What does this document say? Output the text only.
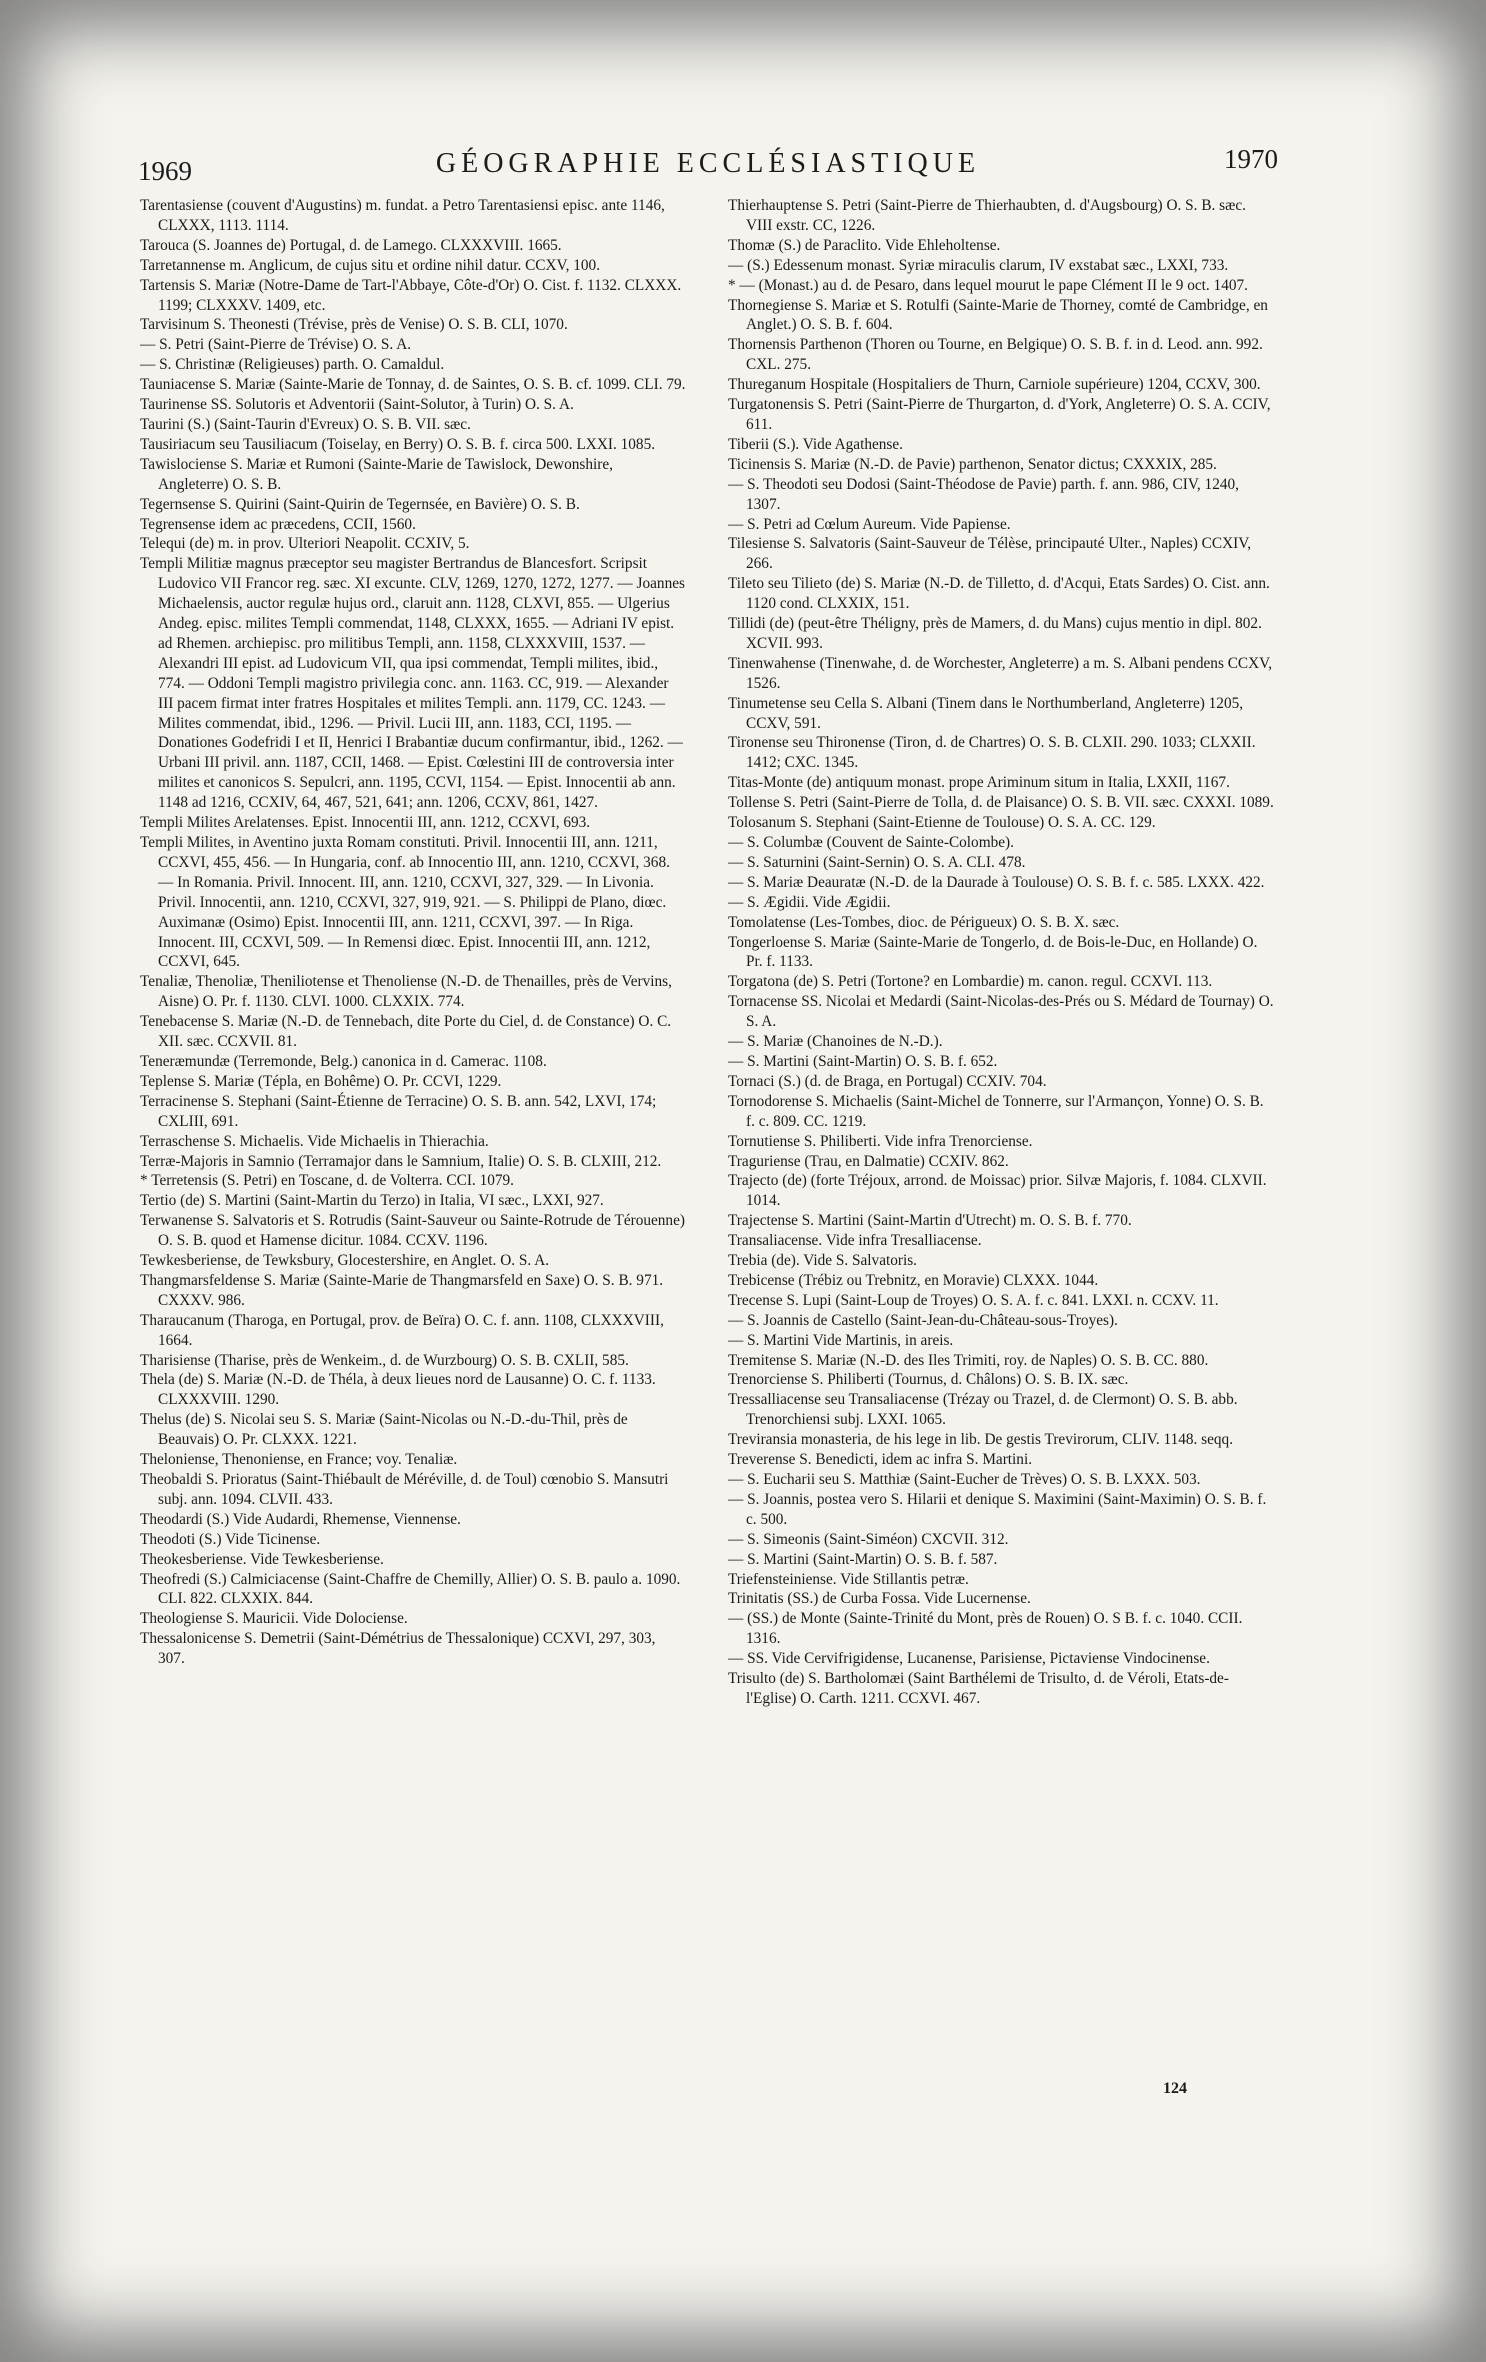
1969	GÉOGRAPHIE ECCLÉSIASTIQUE	1970

Tarentasiense (couvent d'Augustins) m. fundat. a Petro Tarentasiensi episc. ante 1146, CLXXX, 1113. 1114.

Tarouca (S. Joannes de) Portugal, d. de Lamego. CLXXXVIII. 1665.

Tarretannense m. Anglicum, de cujus situ et ordine nihil datur. CCXV, 100.

Tartensis S. Mariæ (Notre-Dame de Tart-l'Abbaye, Côte-d'Or) O. Cist. f. 1132. CLXXX. 1199; CLXXXV. 1409, etc.

Tarvisinum S. Theonesti (Trévise, près de Venise) O. S. B. CLI, 1070.

— S. Petri (Saint-Pierre de Trévise) O. S. A.

— S. Christinæ (Religieuses) parth. O. Camaldul.

Tauniacense S. Mariæ (Sainte-Marie de Tonnay, d. de Saintes, O. S. B. cf. 1099. CLI. 79.

Taurinense SS. Solutoris et Adventorii (Saint-Solutor, à Turin) O. S. A.

Taurini (S.) (Saint-Taurin d'Evreux) O. S. B. VII. sæc.

Tausiriacum seu Tausiliacum (Toiselay, en Berry) O. S. B. f. circa 500. LXXI. 1085.

Tawislociense S. Mariæ et Rumoni (Sainte-Marie de Tawislock, Dewonshire, Angleterre) O. S. B.

Tegernsense S. Quirini (Saint-Quirin de Tegernsée, en Bavière) O. S. B.

Tegrensense idem ac præcedens, CCII, 1560.

Telequi (de) m. in prov. Ulteriori Neapolit. CCXIV, 5.

Templi Militiæ magnus præceptor seu magister Bertrandus de Blancesfort. Scripsit Ludovico VII Francor reg. sæc. XI excunte. CLV, 1269, 1270, 1272, 1277. — Joannes Michaelensis, auctor regulæ hujus ord., claruit ann. 1128, CLXVI, 855. — Ulgerius Andeg. episc. milites Templi commendat, 1148, CLXXX, 1655. — Adriani IV epist. ad Rhemen. archiepisc. pro militibus Templi, ann. 1158, CLXXXVIII, 1537. — Alexandri III epist. ad Ludovicum VII, qua ipsi commendat, Templi milites, ibid., 774. — Oddoni Templi magistro privilegia conc. ann. 1163. CC, 919. — Alexander III pacem firmat inter fratres Hospitales et milites Templi. ann. 1179, CC. 1243. — Milites commendat, ibid., 1296. — Privil. Lucii III, ann. 1183, CCI, 1195. — Donationes Godefridi I et II, Henrici I Brabantiæ ducum confirmantur, ibid., 1262. — Urbani III privil. ann. 1187, CCII, 1468. — Epist. Cœlestini III de controversia inter milites et canonicos S. Sepulcri, ann. 1195, CCVI, 1154. — Epist. Innocentii ab ann. 1148 ad 1216, CCXIV, 64, 467, 521, 641; ann. 1206, CCXV, 861, 1427.

Templi Milites Arelatenses. Epist. Innocentii III, ann. 1212, CCXVI, 693.

Templi Milites, in Aventino juxta Romam constituti. Privil. Innocentii III, ann. 1211, CCXVI, 455, 456. — In Hungaria, conf. ab Innocentio III, ann. 1210, CCXVI, 368. — In Romania. Privil. Innocent. III, ann. 1210, CCXVI, 327, 329. — In Livonia. Privil. Innocentii, ann. 1210, CCXVI, 327, 919, 921. — S. Philippi de Plano, diœc. Auximanæ (Osimo) Epist. Innocentii III, ann. 1211, CCXVI, 397. — In Riga. Innocent. III, CCXVI, 509. — In Remensi diœc. Epist. Innocentii III, ann. 1212, CCXVI, 645.

Tenaliæ, Thenoliæ, Theniliotense et Thenoliense (N.-D. de Thenailles, près de Vervins, Aisne) O. Pr. f. 1130. CLVI. 1000. CLXXIX. 774.

Tenebacense S. Mariæ (N.-D. de Tennebach, dite Porte du Ciel, d. de Constance) O. C. XII. sæc. CCXVII. 81.

Teneræmundæ (Terremonde, Belg.) canonica in d. Camerac. 1108.

Teplense S. Mariæ (Tépla, en Bohême) O. Pr. CCVI, 1229.

Terracinense S. Stephani (Saint-Étienne de Terracine) O. S. B. ann. 542, LXVI, 174; CXLIII, 691.

Terraschense S. Michaelis. Vide Michaelis in Thierachia.

Terræ-Majoris in Samnio (Terramajor dans le Samnium, Italie) O. S. B. CLXIII, 212.

* Terretensis (S. Petri) en Toscane, d. de Volterra. CCI. 1079.

Tertio (de) S. Martini (Saint-Martin du Terzo) in Italia, VI sæc., LXXI, 927.

Terwanense S. Salvatoris et S. Rotrudis (Saint-Sauveur ou Sainte-Rotrude de Térouenne) O. S. B. quod et Hamense dicitur. 1084. CCXV. 1196.

Tewkesberiense, de Tewksbury, Glocestershire, en Anglet. O. S. A.

Thangmarsfeldense S. Mariæ (Sainte-Marie de Thangmarsfeld en Saxe) O. S. B. 971. CXXXV. 986.

Tharaucanum (Tharoga, en Portugal, prov. de Beïra) O. C. f. ann. 1108, CLXXXVIII, 1664.

Tharisiense (Tharise, près de Wenkeim., d. de Wurzbourg) O. S. B. CXLII, 585.

Thela (de) S. Mariæ (N.-D. de Théla, à deux lieues nord de Lausanne) O. C. f. 1133. CLXXXVIII. 1290.

Thelus (de) S. Nicolai seu S. S. Mariæ (Saint-Nicolas ou N.-D.-du-Thil, près de Beauvais) O. Pr. CLXXX. 1221.

Theloniense, Thenoniense, en France; voy. Tenaliæ.

Theobaldi S. Prioratus (Saint-Thiébault de Méréville, d. de Toul) cœnobio S. Mansutri subj. ann. 1094. CLVII. 433.

Theodardi (S.) Vide Audardi, Rhemense, Viennense.

Theodoti (S.) Vide Ticinense.

Theokesberiense. Vide Tewkesberiense.

Theofredi (S.) Calmiciacense (Saint-Chaffre de Chemilly, Allier) O. S. B. paulo a. 1090. CLI. 822. CLXXIX. 844.

Theologiense S. Mauricii. Vide Dolociense.

Thessalonicense S. Demetrii (Saint-Démétrius de Thessalonique) CCXVI, 297, 303, 307.

Thierhauptense S. Petri (Saint-Pierre de Thierhaubten, d. d'Augsbourg) O. S. B. sæc. VIII exstr. CC, 1226.

Thomæ (S.) de Paraclito. Vide Ehleholtense.

— (S.) Edessenum monast. Syriæ miraculis clarum, IV exstabat sæc., LXXI, 733.

* — (Monast.) au d. de Pesaro, dans lequel mourut le pape Clément II le 9 oct. 1407.

Thornegiense S. Mariæ et S. Rotulfi (Sainte-Marie de Thorney, comté de Cambridge, en Anglet.) O. S. B. f. 604.

Thornensis Parthenon (Thoren ou Tourne, en Belgique) O. S. B. f. in d. Leod. ann. 992. CXL. 275.

Thureganum Hospitale (Hospitaliers de Thurn, Carniole supérieure) 1204, CCXV, 300.

Turgatonensis S. Petri (Saint-Pierre de Thurgarton, d. d'York, Angleterre) O. S. A. CCIV, 611.

Tiberii (S.). Vide Agathense.

Ticinensis S. Mariæ (N.-D. de Pavie) parthenon, Senator dictus; CXXXIX, 285.

— S. Theodoti seu Dodosi (Saint-Théodose de Pavie) parth. f. ann. 986, CIV, 1240, 1307.

— S. Petri ad Cœlum Aureum. Vide Papiense.

Tilesiense S. Salvatoris (Saint-Sauveur de Télèse, principauté Ulter., Naples) CCXIV, 266.

Tileto seu Tilieto (de) S. Mariæ (N.-D. de Tilletto, d. d'Acqui, Etats Sardes) O. Cist. ann. 1120 cond. CLXXIX, 151.

Tillidi (de) (peut-être Théligny, près de Mamers, d. du Mans) cujus mentio in dipl. 802. XCVII. 993.

Tinenwahense (Tinenwahe, d. de Worchester, Angleterre) a m. S. Albani pendens CCXV, 1526.

Tinumetense seu Cella S. Albani (Tinem dans le Northumberland, Angleterre) 1205, CCXV, 591.

Tironense seu Thironense (Tiron, d. de Chartres) O. S. B. CLXII. 290. 1033; CLXXII. 1412; CXC. 1345.

Titas-Monte (de) antiquum monast. prope Ariminum situm in Italia, LXXII, 1167.

Tollense S. Petri (Saint-Pierre de Tolla, d. de Plaisance) O. S. B. VII. sæc. CXXXI. 1089.

Tolosanum S. Stephani (Saint-Etienne de Toulouse) O. S. A. CC. 129.

— S. Columbæ (Couvent de Sainte-Colombe).

— S. Saturnini (Saint-Sernin) O. S. A. CLI. 478.

— S. Mariæ Deauratæ (N.-D. de la Daurade à Toulouse) O. S. B. f. c. 585. LXXX. 422.

— S. Ægidii. Vide Ægidii.

Tomolatense (Les-Tombes, dioc. de Périgueux) O. S. B. X. sæc.

Tongerloense S. Mariæ (Sainte-Marie de Tongerlo, d. de Bois-le-Duc, en Hollande) O. Pr. f. 1133.

Torgatona (de) S. Petri (Tortone? en Lombardie) m. canon. regul. CCXVI. 113.

Tornacense SS. Nicolai et Medardi (Saint-Nicolas-des-Prés ou S. Médard de Tournay) O. S. A.

— S. Mariæ (Chanoines de N.-D.).

— S. Martini (Saint-Martin) O. S. B. f. 652.

Tornaci (S.) (d. de Braga, en Portugal) CCXIV. 704.

Tornodorense S. Michaelis (Saint-Michel de Tonnerre, sur l'Armançon, Yonne) O. S. B. f. c. 809. CC. 1219.

Tornutiense S. Philiberti. Vide infra Trenorciense.

Traguriense (Trau, en Dalmatie) CCXIV. 862.

Trajecto (de) (forte Tréjoux, arrond. de Moissac) prior. Silvæ Majoris, f. 1084. CLXVII. 1014.

Trajectense S. Martini (Saint-Martin d'Utrecht) m. O. S. B. f. 770.

Transaliacense. Vide infra Tresalliacense.

Trebia (de). Vide S. Salvatoris.

Trebicense (Trébiz ou Trebnitz, en Moravie) CLXXX. 1044.

Trecense S. Lupi (Saint-Loup de Troyes) O. S. A. f. c. 841. LXXI. n. CCXV. 11.

— S. Joannis de Castello (Saint-Jean-du-Château-sous-Troyes).

— S. Martini Vide Martinis, in areis.

Tremitense S. Mariæ (N.-D. des Iles Trimiti, roy. de Naples) O. S. B. CC. 880.

Trenorciense S. Philiberti (Tournus, d. Châlons) O. S. B. IX. sæc.

Tressalliacense seu Transaliacense (Trézay ou Trazel, d. de Clermont) O. S. B. abb. Trenorchiensi subj. LXXI. 1065.

Treviransia monasteria, de his lege in lib. De gestis Trevirorum, CLIV. 1148. seqq.

Treverense S. Benedicti, idem ac infra S. Martini.

— S. Eucharii seu S. Matthiæ (Saint-Eucher de Trèves) O. S. B. LXXX. 503.

— S. Joannis, postea vero S. Hilarii et denique S. Maximini (Saint-Maximin) O. S. B. f. c. 500.

— S. Simeonis (Saint-Siméon) CXCVII. 312.

— S. Martini (Saint-Martin) O. S. B. f. 587.

Triefensteiniense. Vide Stillantis petræ.

Trinitatis (SS.) de Curba Fossa. Vide Lucernense.

— (SS.) de Monte (Sainte-Trinité du Mont, près de Rouen) O. S B. f. c. 1040. CCII. 1316.

— SS. Vide Cervifrigidense, Lucanense, Parisiense, Pictaviense Vindocinense.

Trisulto (de) S. Bartholomæi (Saint Barthélemi de Trisulto, d. de Véroli, Etats-de-l'Eglise) O. Carth. 1211. CCXVI. 467.

124
